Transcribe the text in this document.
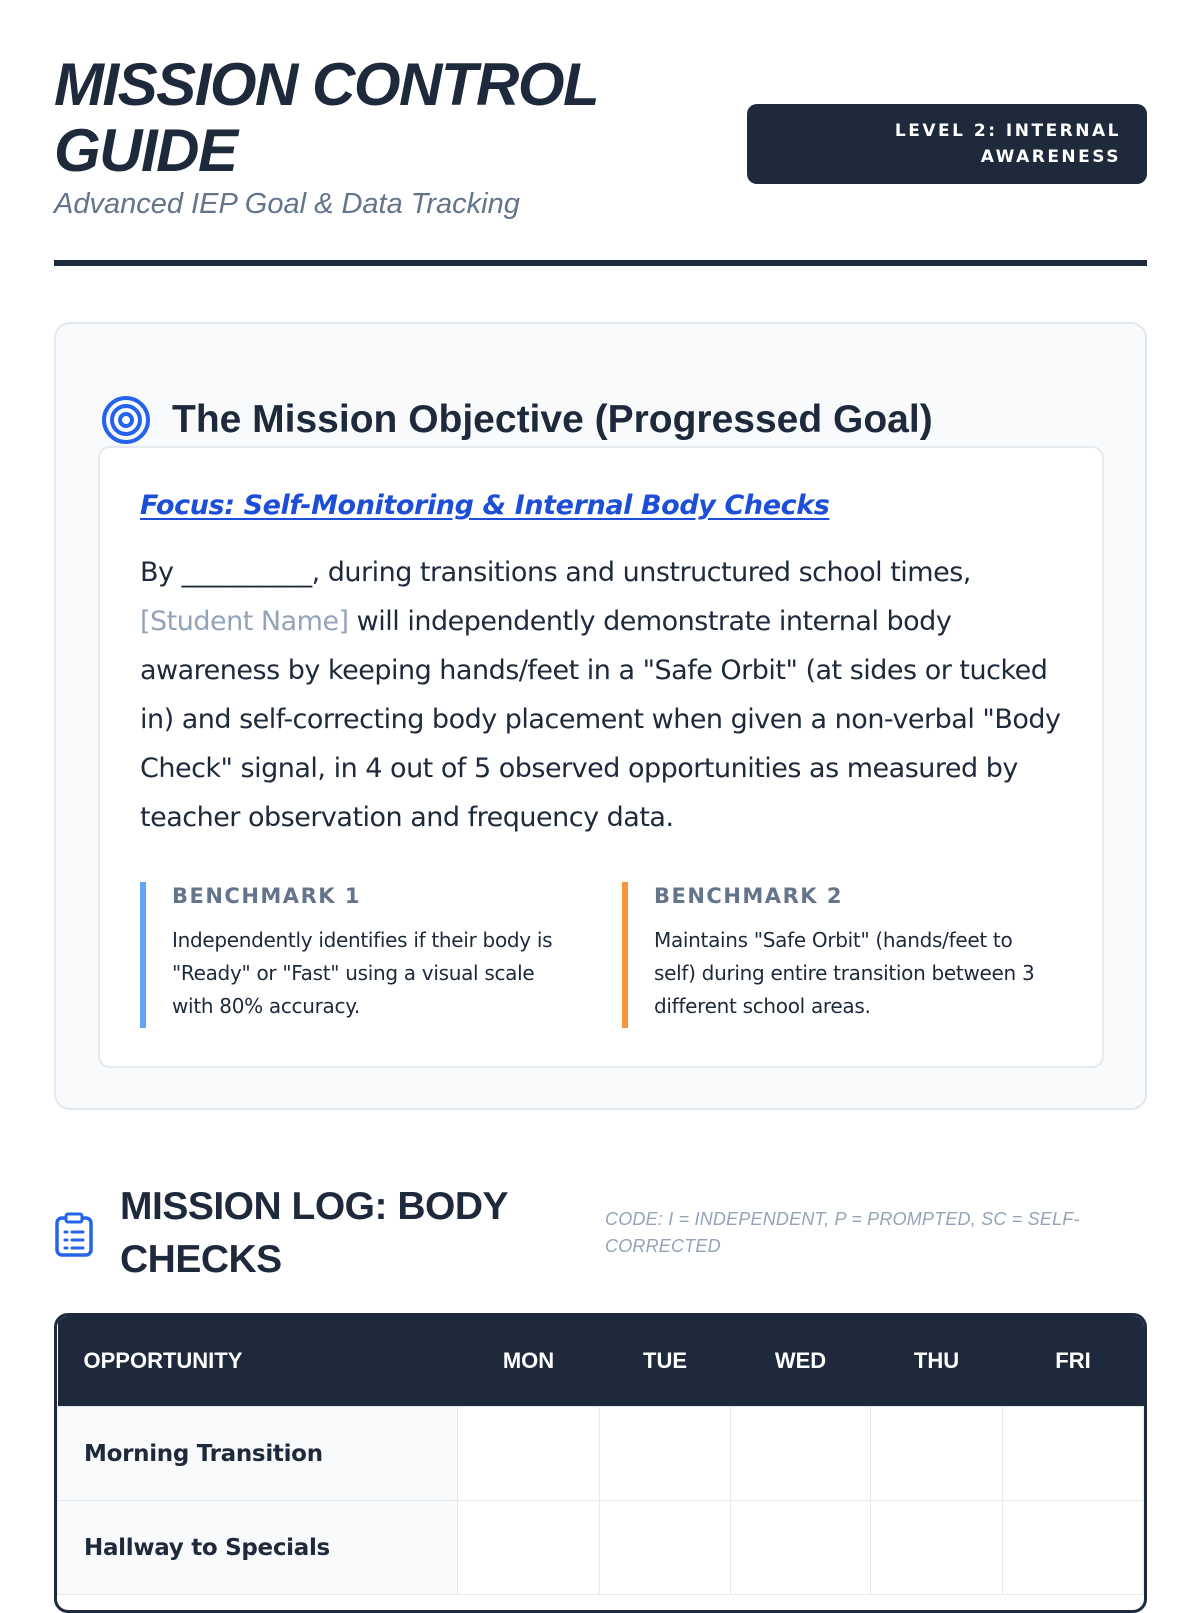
MISSION CONTROL GUIDE
Advanced IEP Goal & Data Tracking
LEVEL 2: INTERNAL AWARENESS
The Mission Objective (Progressed Goal)
Focus: Self-Monitoring & Internal Body Checks

By __________, during transitions and unstructured school times, [Student Name] will independently demonstrate internal body awareness by keeping hands/feet in a "Safe Orbit" (at sides or tucked in) and self-correcting body placement when given a non-verbal "Body Check" signal, in 4 out of 5 observed opportunities as measured by teacher observation and frequency data.

BENCHMARK 1
Independently identifies if their body is "Ready" or "Fast" using a visual scale with 80% accuracy.
BENCHMARK 2
Maintains "Safe Orbit" (hands/feet to self) during entire transition between 3 different school areas.
MISSION LOG: BODY CHECKS
CODE: I = INDEPENDENT, P = PROMPTED, SC = SELF-CORRECTED
OPPORTUNITY	MON	TUE	WED	THU	FRI
Morning Transition					
Hallway to Specials					
